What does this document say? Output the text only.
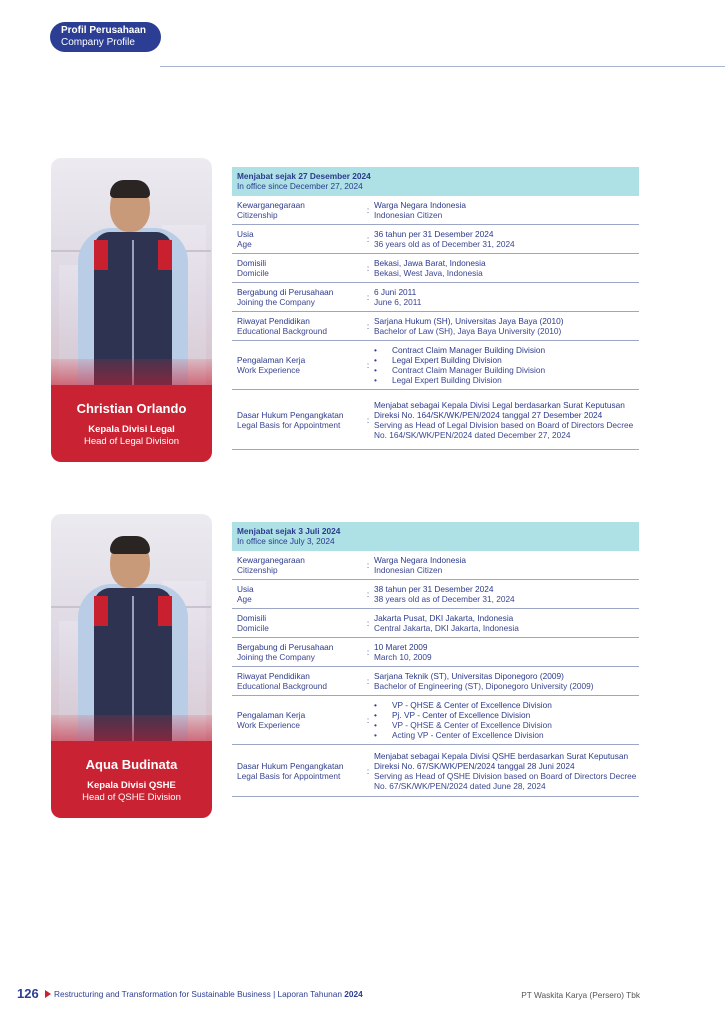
Profil Perusahaan
Company Profile
Christian Orlando
Kepala Divisi Legal
Head of Legal Division
Menjabat sejak 27 Desember 2024
In office since December 27, 2024
Kewarganegaraan
Citizenship	: Warga Negara Indonesia
Indonesian Citizen
Usia
Age	: 36 tahun per 31 Desember 2024
36 years old as of December 31, 2024
Domisili
Domicile	: Bekasi, Jawa Barat, Indonesia
Bekasi, West Java, Indonesia
Bergabung di Perusahaan
Joining the Company	: 6 Juni 2011
June 6, 2011
Riwayat Pendidikan
Educational Background	: Sarjana Hukum (SH), Universitas Jaya Baya (2010)
Bachelor of Law (SH), Jaya Baya University (2010)
Pengalaman Kerja
Work Experience	:
• Contract Claim Manager Building Division
• Legal Expert Building Division
• Contract Claim Manager Building Division
• Legal Expert Building Division
Dasar Hukum Pengangkatan
Legal Basis for Appointment	:
Menjabat sebagai Kepala Divisi Legal berdasarkan Surat Keputusan Direksi No. 164/SK/WK/PEN/2024 tanggal 27 Desember 2024
Serving as Head of Legal Division based on Board of Directors Decree No. 164/SK/WK/PEN/2024 dated December 27, 2024
Aqua Budinata
Kepala Divisi QSHE
Head of QSHE Division
Menjabat sejak 3 Juli 2024
In office since July 3, 2024
Kewarganegaraan
Citizenship	: Warga Negara Indonesia
Indonesian Citizen
Usia
Age	: 38 tahun per 31 Desember 2024
38 years old as of December 31, 2024
Domisili
Domicile	: Jakarta Pusat, DKI Jakarta, Indonesia
Central Jakarta, DKI Jakarta, Indonesia
Bergabung di Perusahaan
Joining the Company	: 10 Maret 2009
March 10, 2009
Riwayat Pendidikan
Educational Background	: Sarjana Teknik (ST), Universitas Diponegoro (2009)
Bachelor of Engineering (ST), Diponegoro University (2009)
Pengalaman Kerja
Work Experience	:
• VP - QHSE & Center of Excellence Division
• Pj. VP - Center of Excellence Division
• VP - QHSE & Center of Excellence Division
• Acting VP - Center of Excellence Division
Dasar Hukum Pengangkatan
Legal Basis for Appointment	:
Menjabat sebagai Kepala Divisi QSHE berdasarkan Surat Keputusan Direksi No. 67/SK/WK/PEN/2024 tanggal 28 Juni 2024
Serving as Head of QSHE Division based on Board of Directors Decree No. 67/SK/WK/PEN/2024 dated June 28, 2024
126 Restructuring and Transformation for Sustainable Business | Laporan Tahunan 2024	PT Waskita Karya (Persero) Tbk
